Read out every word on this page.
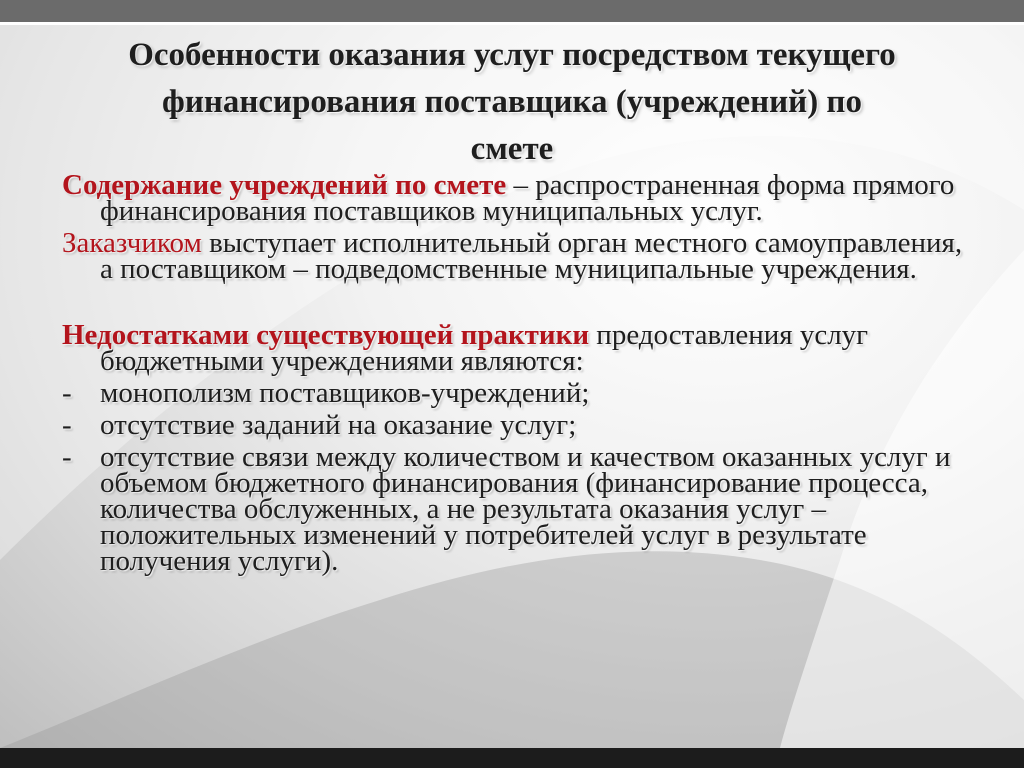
Особенности оказания услуг посредством текущего финансирования поставщика (учреждений) по смете

Содержание учреждений по смете – распространенная форма прямого финансирования поставщиков муниципальных услуг.

Заказчиком выступает исполнительный орган местного самоуправления, а поставщиком – подведомственные муниципальные учреждения.

Недостатками существующей практики предоставления услуг бюджетными учреждениями являются:

- монополизм поставщиков-учреждений;
- отсутствие заданий на оказание услуг;
- отсутствие связи между количеством и качеством оказанных услуг и объемом бюджетного финансирования (финансирование процесса, количества обслуженных, а не результата оказания услуг – положительных изменений у потребителей услуг в результате получения услуги).
